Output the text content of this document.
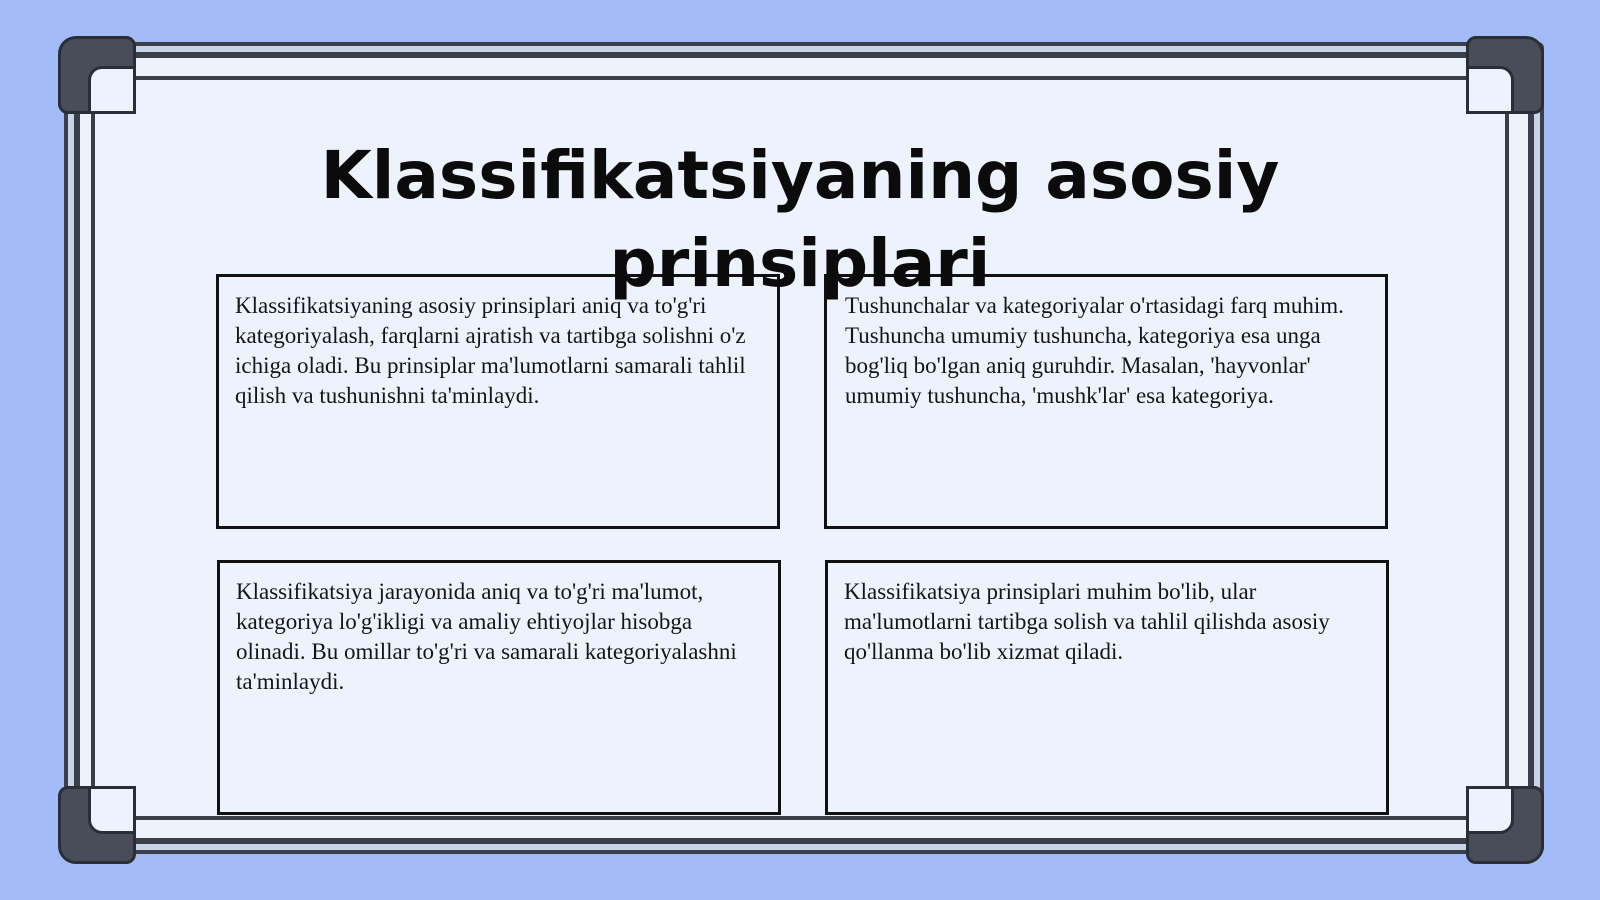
Klassifikatsiyaning asosiy prinsiplari
Klassifikatsiyaning asosiy prinsiplari aniq va to'g'ri kategoriyalash, farqlarni ajratish va tartibga solishni o'z ichiga oladi. Bu prinsiplar ma'lumotlarni samarali tahlil qilish va tushunishni ta'minlaydi.
Tushunchalar va kategoriyalar o'rtasidagi farq muhim. Tushuncha umumiy tushuncha, kategoriya esa unga bog'liq bo'lgan aniq guruhdir. Masalan, 'hayvonlar' umumiy tushuncha, 'mushk'lar' esa kategoriya.
Klassifikatsiya jarayonida aniq va to'g'ri ma'lumot, kategoriya lo'g'ikligi va amaliy ehtiyojlar hisobga olinadi. Bu omillar to'g'ri va samarali kategoriyalashni ta'minlaydi.
Klassifikatsiya prinsiplari muhim bo'lib, ular ma'lumotlarni tartibga solish va tahlil qilishda asosiy qo'llanma bo'lib xizmat qiladi.
